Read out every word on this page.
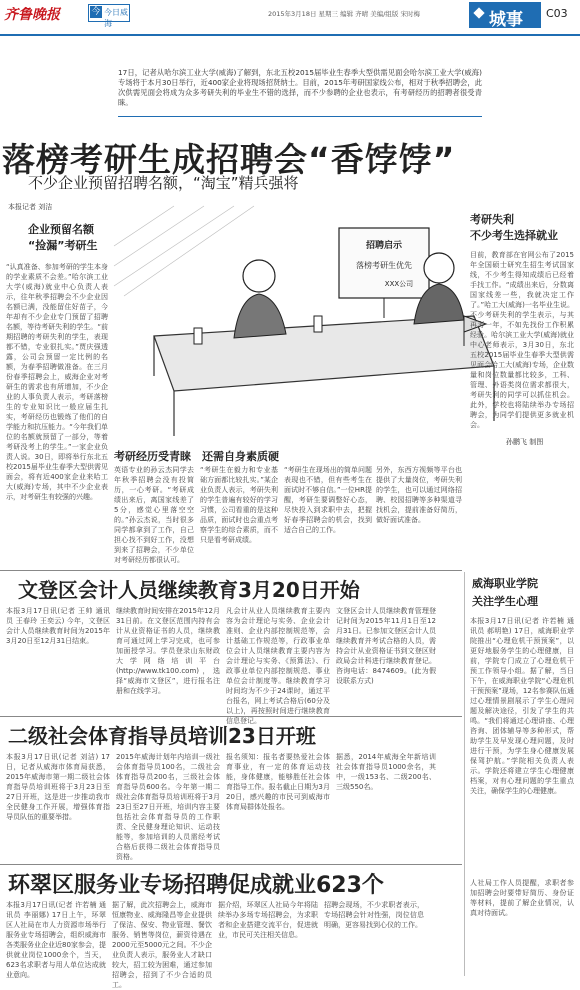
齐鲁晚报	今 今日威海
2015年3月18日 星期三 编辑 齐晴 美编/组版 宋时梅	城事 C03
17日，记者从哈尔滨工业大学(威海)了解到，东北五校2015届毕业生春季大型供需见面会哈尔滨工业大学(威海)专场将于本月30日举行，近400家企业将现场招贤纳士。目前，2015年考研国家线公布，相对于秋季招聘会，此次供需见面会将成为众多考研失利的毕业生不错的选择，而不少参聘的企业也表示，有考研经历的招聘者很受青睐。
落榜考研生成招聘会“香饽饽”
不少企业预留招聘名额，“淘宝”精兵强将
本报记者 刘洁
企业预留名额
“捡漏”考研生
“认真准备、参加考研的学生本身的学业素质不会差。”哈尔滨工业大学(威海)就业中心负责人表示，往年秋季招聘会不少企业因名额已满，没能留住好苗子，今年却有不少企业专门预留了招聘名额，等待考研失利的学生。“前期招聘的考研失利的学生，表现都不错，专业很扎实。”贾庆强透露，公司会预留一定比例的名额，为春季招聘做准备。在三月份春季招聘会上，威海企业对考研生的需求也有所增加，不少企业的人事负责人表示，考研落榜生的专业知识比一般应届生扎实，考研经历也锻炼了他们的自学能力和抗压能力。“今年我们单位的名额就预留了一部分，等着考研没考上的学生。”一家企业负责人说。30日，即将举行东北五校2015届毕业生春季大型供需见面会，将有近400家企业来哈工大(威海)专场，其中不少企业表示，对考研生有较强的兴趣。
招聘启示
落榜考研生优先
XXX公司
孙鹏飞 制图
考研失利
不少考生选择就业
目前，教育部在官网公布了2015年全国硕士研究生招生考试国家线，不少考生得知成绩后已经着手找工作。“成绩出来后，分数离国家线差一些，我就决定工作了。”哈工大(威海)一名毕业生说。不少考研失利的学生表示，与其再考一年，不如先找份工作积累经验。哈尔滨工业大学(威海)就业中心老师表示，3月30日，东北五校2015届毕业生春季大型供需见面会哈工大(威海)专场，企业数量和岗位数量都比较多，工科、管理、外语类岗位需求都很大，考研失利的同学可以抓住机会。此外，学校也将陆续举办专场招聘会，为同学们提供更多就业机会。
考研经历受青睐　还需自身素质硬
英语专业的孙云杰同学去年秋季招聘会没有投简历，一心考研。“考研成绩出来后，离国家线差了5分，感觉心里落空空的。”孙云杰说，当时很多同学都拿到了工作，自己担心找不到好工作，没想到来了招聘会，不少单位对考研经历都很认可。
“考研生在毅力和专业基础方面都比较扎实。”某企业负责人表示，考研失利的学生普遍有较好的学习习惯，公司看重的是这种品质，面试时也会重点考察学生的综合素质，而不只是看考研成绩。
“考研生在现场出的简单问题表现也不错，但有些考生在面试时不够自信。”一位HR提醒，考研生要调整好心态，尽快投入到求职中去，把握好春季招聘会的机会，找到适合自己的工作。
另外，东西方视频等平台也提供了大量岗位，考研失利的学生，也可以通过网络招聘、校园招聘等多种渠道寻找机会，提前准备好简历，做好面试准备。
文登区会计人员继续教育3月20日开始
本报3月17日讯(记者 王帅 通讯员 王春玲 王奕云) 今年，文登区会计人员继续教育时间为2015年3月20日至12月31日结束。
继续教育时间安排在2015年12月31日前。在文登区范围内持有会计从业资格证书的人员，继续教育可通过网上学习完成，也可参加面授学习。学员登录山东财政大学网络培训平台(http://www.tk100.com)，选择“威海市文登区”，进行报名注册和在线学习。
凡会计从业人员继续教育主要内容为会计理论与实务、企业会计准则、企业内部控制规范等，会计基础工作规范等，行政事业单位会计人员继续教育主要内容为会计理论与实务、《预算法》、行政事业单位内部控制规范、事业单位会计制度等。继续教育学习时间均为不少于24课时，通过平台报名，网上考试合格后(60分及以上)，再按照时间进行继续教育信息登记。
文登区会计人员继续教育管理登记时间为2015年11月1日至12月31日。已参加文登区会计人员继续教育并考试合格的人员，需持会计从业资格证书到文登区财政局会计科进行继续教育登记。咨询电话：8474609。(此为假设联系方式)
二级社会体育指导员培训23日开班
本报3月17日讯(记者 刘洁) 17日，记者从威海市体育局获悉，2015年威海市第一期二级社会体育指导员培训班将于3月23日至27日开班，这是进一步推动我市全民健身工作开展，增强体育指导员队伍的重要举措。
2015年威海计划年内培训一级社会体育指导员100名，二级社会体育指导员200名，三级社会体育指导员600名。今年第一期二级社会体育指导员培训班将于3月23日至27日开班，培训内容主要包括社会体育指导员的工作职责、全民健身理论知识、运动技能等，参加培训的人员需经考试合格后获得二级社会体育指导员资格。
报名须知：报名者要热爱社会体育事业，有一定的体育运动技能，身体健康，能够胜任社会体育指导工作。报名截止日期为3月20日，感兴趣的市民可到威海市体育局群体处报名。
据悉，2014年威海全年新培训社会体育指导员1000余名，其中，一级153名、二级200名、三级550名。
环翠区服务业专场招聘促成就业623个
本报3月17日讯(记者 许若楠 通讯员 李丽娜) 17日上午，环翠区人社局在市人力资源市场举行服务业专场招聘会，组织威海市各类服务业企业近80家参会，提供就业岗位1000余个，当天，623名求职者与用人单位达成就业意向。
据了解，此次招聘会上，威海市恒康物业、威海隆昌等企业提供了保洁、保安、物业管理、餐饮服务、销售等岗位，薪资待遇在2000元至5000元之间。不少企业负责人表示，服务业人才缺口较大，招工较为困难，通过参加招聘会，招到了不少合适的员工。
据介绍，环翠区人社局今年将陆续举办多场专场招聘会，为求职者和企业搭建交流平台，促进就业，市民可关注相关信息。
招聘会现场，不少求职者表示，专场招聘会针对性强，岗位信息明确，更容易找到心仪的工作。
人社局工作人员提醒，求职者参加招聘会时要带好简历、身份证等材料，提前了解企业情况，认真对待面试。
威海职业学院
关注学生心理
本报3月17日讯(记者 许若楠 通讯员 郝明艳) 17日，威海职业学院推出“心理危机干预预案”，以更好地服务学生的心理健康，目前，学院专门成立了心理危机干预工作领导小组。据了解，当日下午，在威海职业学院“心理危机干预预案”现场，12名参赛队伍通过心理情景剧展示了学生心理问题及解决途径，引发了学生的共鸣。“我们将通过心理讲座、心理咨询、团体辅导等多种形式，帮助学生及早发现心理问题，及时进行干预，为学生身心健康发展保驾护航。”学院相关负责人表示。学院还将建立学生心理健康档案，对有心理问题的学生重点关注，确保学生的心理健康。
